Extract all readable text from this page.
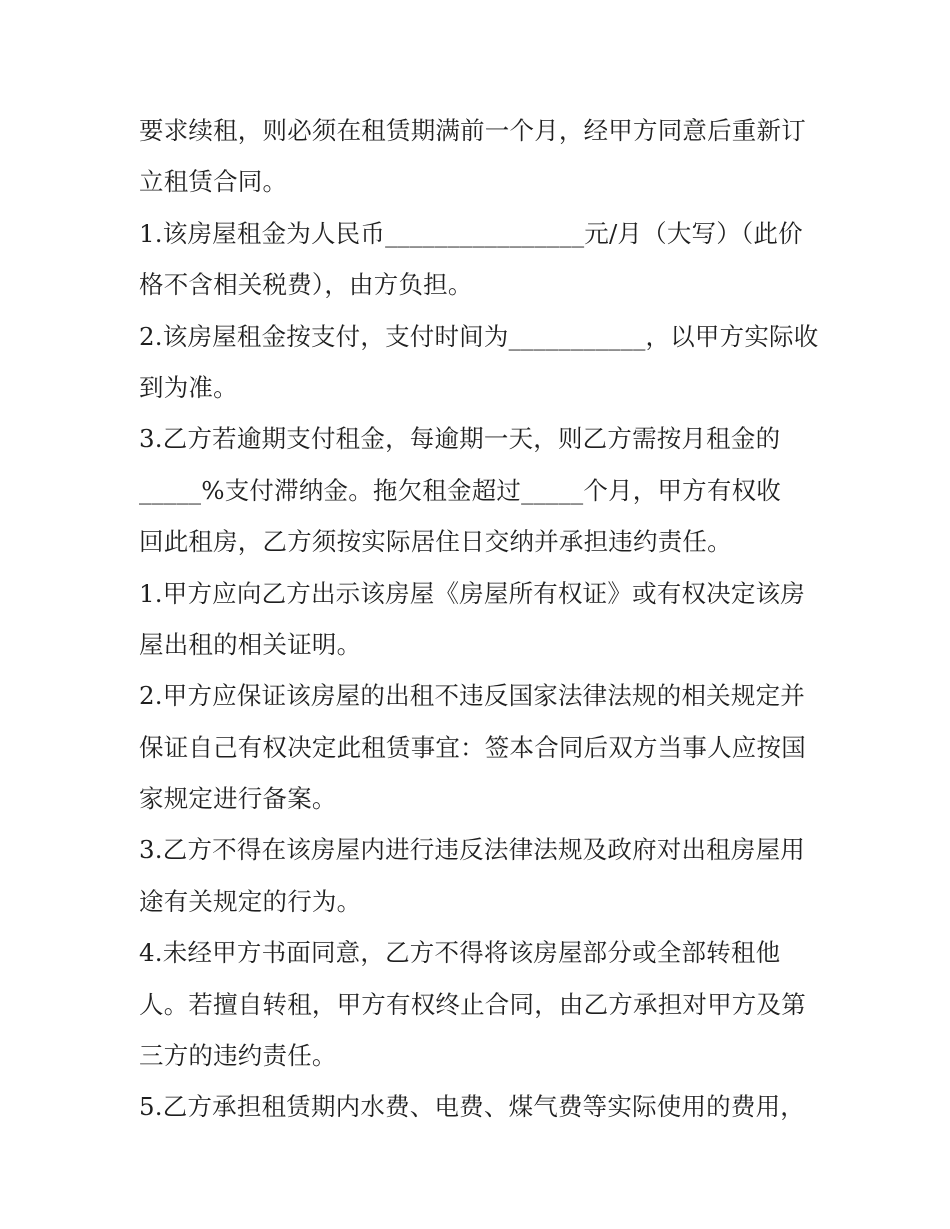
要求续租，则必须在租赁期满前一个月，经甲方同意后重新订
立租赁合同。
1.该房屋租金为人民币________________元/月（大写）（此价
格不含相关税费），由方负担。
2.该房屋租金按支付，支付时间为___________，以甲方实际收
到为准。
3.乙方若逾期支付租金，每逾期一天，则乙方需按月租金的
_____%支付滞纳金。拖欠租金超过_____个月，甲方有权收
回此租房，乙方须按实际居住日交纳并承担违约责任。
1.甲方应向乙方出示该房屋《房屋所有权证》或有权决定该房
屋出租的相关证明。
2.甲方应保证该房屋的出租不违反国家法律法规的相关规定并
保证自己有权决定此租赁事宜：签本合同后双方当事人应按国
家规定进行备案。
3.乙方不得在该房屋内进行违反法律法规及政府对出租房屋用
途有关规定的行为。
4.未经甲方书面同意，乙方不得将该房屋部分或全部转租他
人。若擅自转租，甲方有权终止合同，由乙方承担对甲方及第
三方的违约责任。
5.乙方承担租赁期内水费、电费、煤气费等实际使用的费用，
